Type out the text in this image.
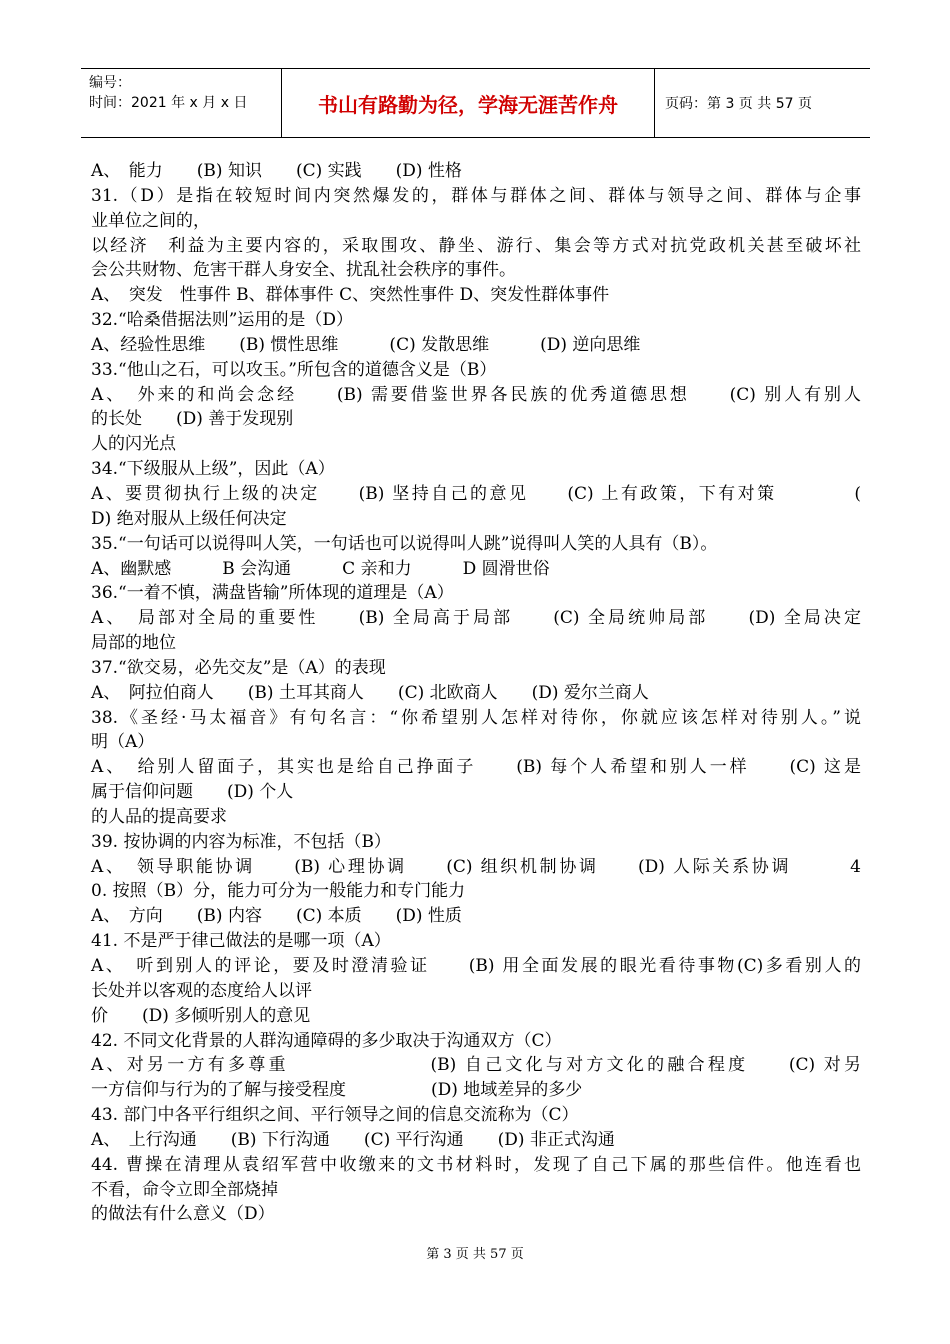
编号：
时间：2021 年 x 月 x 日	书山有路勤为径，学海无涯苦作舟	页码：第 3 页 共 57 页
A、　能力　　(B) 知识　　(C) 实践　　(D) 性格
31.（D）是指在较短时间内突然爆发的，群体与群体之间、群体与领导之间、群体与企事
业单位之间的，
以经济　利益为主要内容的，采取围攻、静坐、游行、集会等方式对抗党政机关甚至破坏社
会公共财物、危害干群人身安全、扰乱社会秩序的事件。
A、　突发　性事件 B、群体事件 C、突然性事件 D、突发性群体事件
32.“哈桑借据法则”运用的是（D）
A、经验性思维　　(B) 惯性思维　　　(C) 发散思维　　　(D) 逆向思维
33.“他山之石，可以攻玉。”所包含的道德含义是（B）
A、　外来的和尚会念经　　(B) 需要借鉴世界各民族的优秀道德思想　　(C) 别人有别人
的长处　　(D) 善于发现别
人的闪光点
34.“下级服从上级”，因此（A）
A、要贯彻执行上级的决定　　(B) 坚持自己的意见　　(C) 上有政策，下有对策　　　　(
D) 绝对服从上级任何决定
35.“一句话可以说得叫人笑，一句话也可以说得叫人跳”说得叫人笑的人具有（B）。
A、幽默感　　　B 会沟通　　　C 亲和力　　　D 圆滑世俗
36.“一着不慎，满盘皆输”所体现的道理是（A）
A、　局部对全局的重要性　　(B) 全局高于局部　　(C) 全局统帅局部　　(D) 全局决定
局部的地位
37.“欲交易，必先交友”是（A）的表现
A、　阿拉伯商人　　(B) 土耳其商人　　(C) 北欧商人　　(D) 爱尔兰商人
38.《圣经·马太福音》有句名言：“你希望别人怎样对待你，你就应该怎样对待别人。”说
明（A）
A、　给别人留面子，其实也是给自己挣面子　　(B) 每个人希望和别人一样　　(C) 这是
属于信仰问题　　(D) 个人
的人品的提高要求
39. 按协调的内容为标准，不包括（B）
A、　领导职能协调　　(B) 心理协调　　(C) 组织机制协调　　(D) 人际关系协调　　　4
0. 按照（B）分，能力可分为一般能力和专门能力
A、　方向　　(B) 内容　　(C) 本质　　(D) 性质
41. 不是严于律己做法的是哪一项（A）
A、　听到别人的评论，要及时澄清验证　　(B) 用全面发展的眼光看待事物(C)多看别人的
长处并以客观的态度给人以评
价　　(D) 多倾听别人的意见
42. 不同文化背景的人群沟通障碍的多少取决于沟通双方（C）
A、对另一方有多尊重　　　　　　　(B) 自己文化与对方文化的融合程度　　(C) 对另
一方信仰与行为的了解与接受程度　　　　　(D) 地域差异的多少
43. 部门中各平行组织之间、平行领导之间的信息交流称为（C）
A、　上行沟通　　(B) 下行沟通　　(C) 平行沟通　　(D) 非正式沟通
44. 曹操在清理从袁绍军营中收缴来的文书材料时，发现了自己下属的那些信件。他连看也
不看，命令立即全部烧掉
的做法有什么意义（D）
第 3 页 共 57 页
